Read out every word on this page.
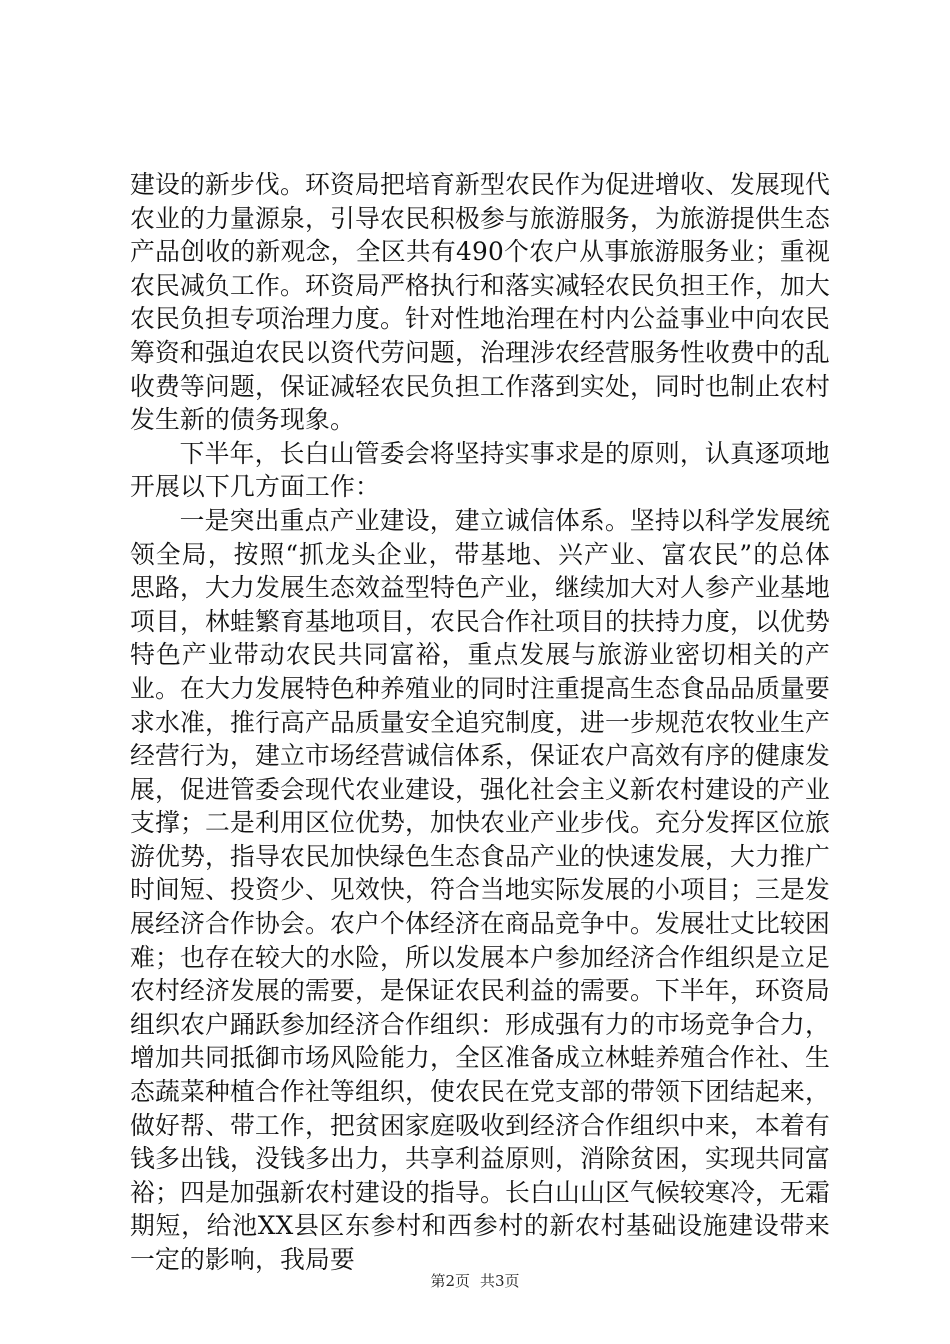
建设的新步伐。环资局把培育新型农民作为促进增收、发展现代农业的力量源泉，引导农民积极参与旅游服务，为旅游提供生态产品创收的新观念，全区共有490个农户从事旅游服务业；重视农民减负工作。环资局严格执行和落实减轻农民负担王作，加大农民负担专项治理力度。针对性地治理在村内公益事业中向农民筹资和强迫农民以资代劳问题，治理涉农经营服务性收费中的乱收费等问题，保证减轻农民负担工作落到实处，同时也制止农村发生新的债务现象。

下半年，长白山管委会将坚持实事求是的原则，认真逐项地开展以下几方面工作：

一是突出重点产业建设，建立诚信体系。坚持以科学发展统领全局，按照“抓龙头企业，带基地、兴产业、富农民”的总体思路，大力发展生态效益型特色产业，继续加大对人参产业基地项目，林蛙繁育基地项目，农民合作社项目的扶持力度，以优势特色产业带动农民共同富裕，重点发展与旅游业密切相关的产业。在大力发展特色种养殖业的同时注重提高生态食品品质量要求水准，推行高产品质量安全追究制度，进一步规范农牧业生产经营行为，建立市场经营诚信体系，保证农户高效有序的健康发展，促进管委会现代农业建设，强化社会主义新农村建设的产业支撑；二是利用区位优势，加快农业产业步伐。充分发挥区位旅游优势，指导农民加快绿色生态食品产业的快速发展，大力推广时间短、投资少、见效快，符合当地实际发展的小项目；三是发展经济合作协会。农户个体经济在商品竞争中。发展壮丈比较困难；也存在较大的水险，所以发展本户参加经济合作组织是立足农村经济发展的需要，是保证农民利益的需要。下半年，环资局组织农户踊跃参加经济合作组织：形成强有力的市场竞争合力，增加共同抵御市场风险能力，全区准备成立林蛙养殖合作社、生态蔬菜种植合作社等组织，使农民在党支部的带领下团结起来，做好帮、带工作，把贫困家庭吸收到经济合作组织中来，本着有钱多出钱，没钱多出力，共享利益原则，消除贫困，实现共同富裕；四是加强新农村建设的指导。长白山山区气候较寒冷，无霜期短，给池XX县区东参村和西参村的新农村基础设施建设带来一定的影响，我局要

第2页 共3页
